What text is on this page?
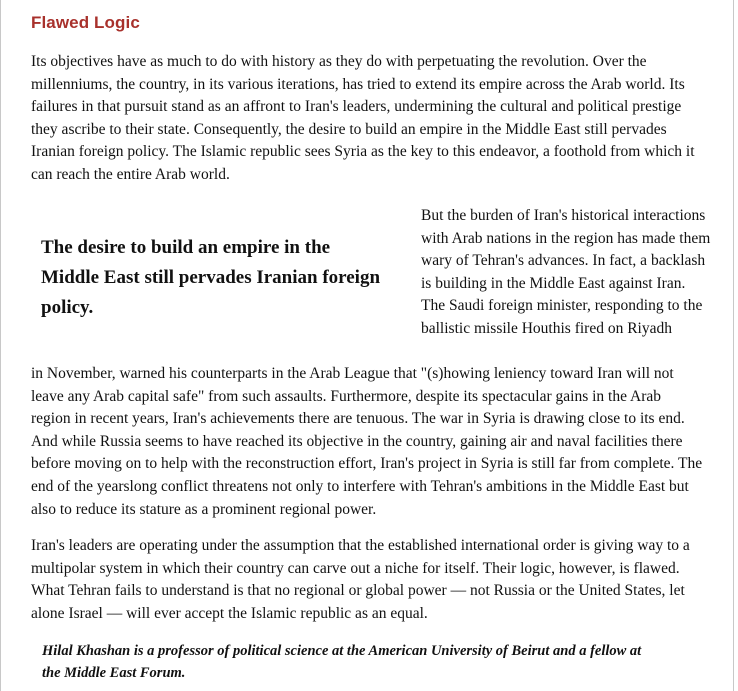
Flawed Logic

Its objectives have as much to do with history as they do with perpetuating the revolution. Over the millenniums, the country, in its various iterations, has tried to extend its empire across the Arab world. Its failures in that pursuit stand as an affront to Iran's leaders, undermining the cultural and political prestige they ascribe to their state. Consequently, the desire to build an empire in the Middle East still pervades Iranian foreign policy. The Islamic republic sees Syria as the key to this endeavor, a foothold from which it can reach the entire Arab world.

The desire to build an empire in the Middle East still pervades Iranian foreign policy.

But the burden of Iran's historical interactions with Arab nations in the region has made them wary of Tehran's advances. In fact, a backlash is building in the Middle East against Iran. The Saudi foreign minister, responding to the ballistic missile Houthis fired on Riyadh

in November, warned his counterparts in the Arab League that "(s)howing leniency toward Iran will not leave any Arab capital safe" from such assaults. Furthermore, despite its spectacular gains in the Arab region in recent years, Iran's achievements there are tenuous. The war in Syria is drawing close to its end. And while Russia seems to have reached its objective in the country, gaining air and naval facilities there before moving on to help with the reconstruction effort, Iran's project in Syria is still far from complete. The end of the yearslong conflict threatens not only to interfere with Tehran's ambitions in the Middle East but also to reduce its stature as a prominent regional power.

Iran's leaders are operating under the assumption that the established international order is giving way to a multipolar system in which their country can carve out a niche for itself. Their logic, however, is flawed. What Tehran fails to understand is that no regional or global power — not Russia or the United States, let alone Israel — will ever accept the Islamic republic as an equal.

Hilal Khashan is a professor of political science at the American University of Beirut and a fellow at the Middle East Forum.
